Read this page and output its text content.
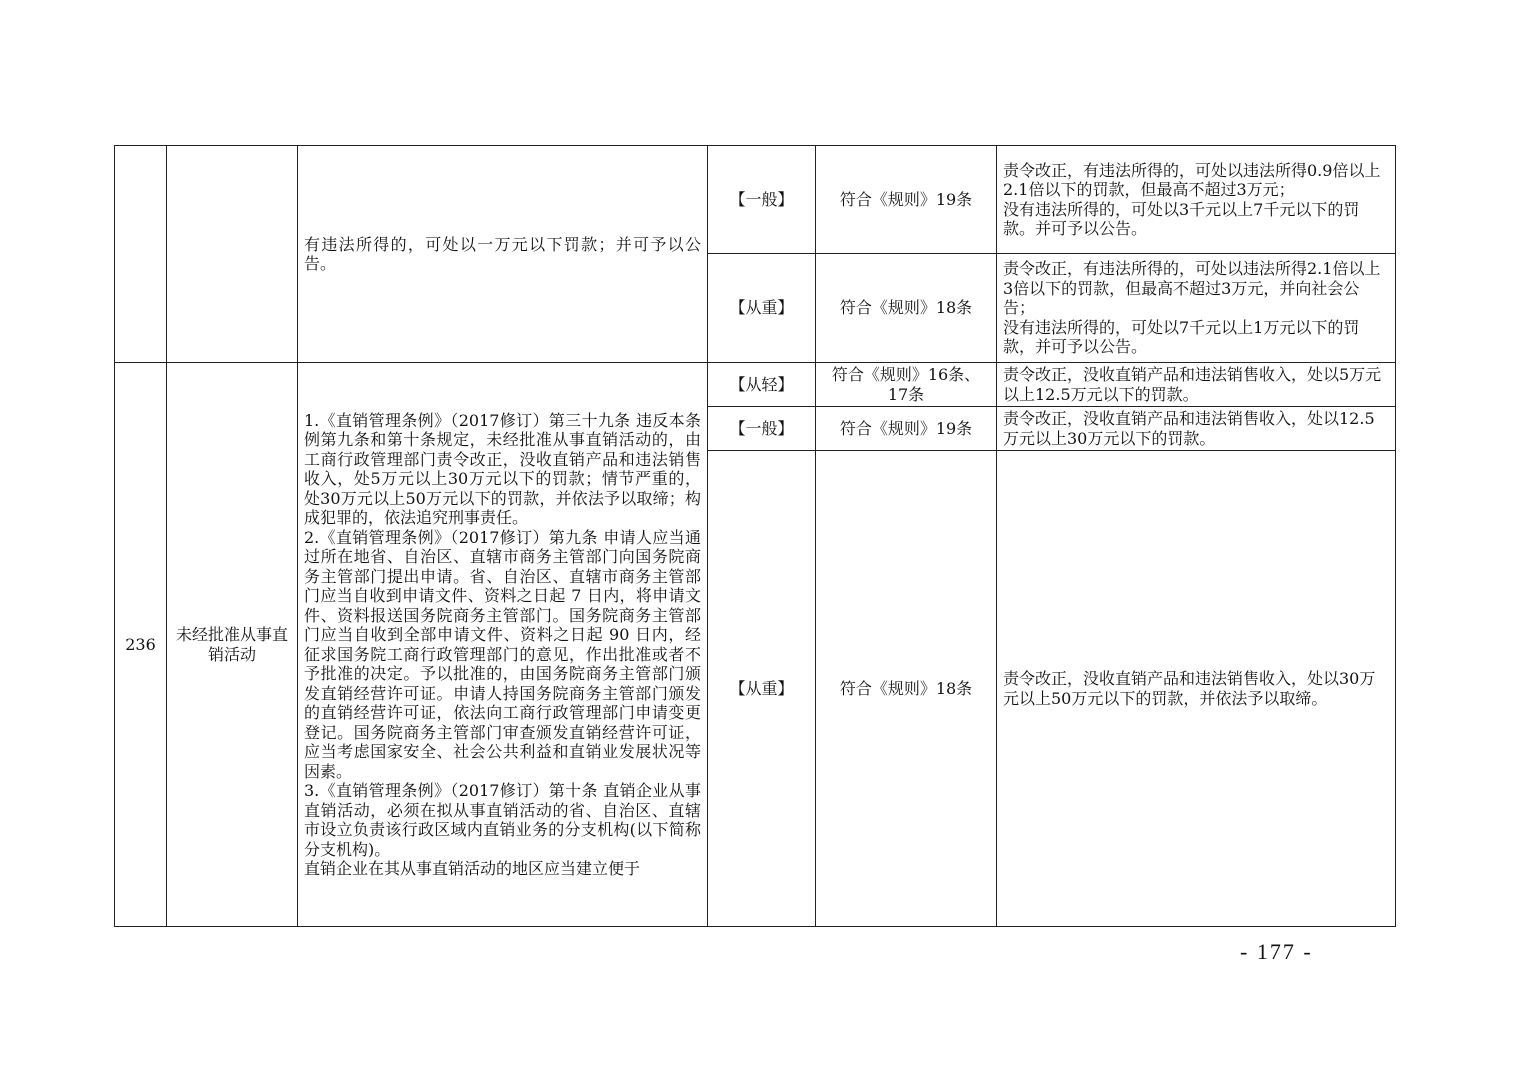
		有违法所得的，可处以一万元以下罚款；并可予以公告。	【一般】	符合《规则》19条	责令改正，有违法所得的，可处以违法所得0.9倍以上2.1倍以下的罚款，但最高不超过3万元；
没有违法所得的，可处以3千元以上7千元以下的罚款。并可予以公告。

			【从重】	符合《规则》18条	责令改正，有违法所得的，可处以违法所得2.1倍以上3倍以下的罚款，但最高不超过3万元，并向社会公告；
没有违法所得的，可处以7千元以上1万元以下的罚款，并可予以公告。

236	未经批准从事直销活动	1.《直销管理条例》（2017修订）第三十九条 违反本条例第九条和第十条规定，未经批准从事直销活动的，由工商行政管理部门责令改正，没收直销产品和违法销售收入，处5万元以上30万元以下的罚款；情节严重的，处30万元以上50万元以下的罚款，并依法予以取缔；构成犯罪的，依法追究刑事责任。
2.《直销管理条例》（2017修订）第九条 申请人应当通过所在地省、自治区、直辖市商务主管部门向国务院商务主管部门提出申请。省、自治区、直辖市商务主管部门应当自收到申请文件、资料之日起 7 日内，将申请文件、资料报送国务院商务主管部门。国务院商务主管部门应当自收到全部申请文件、资料之日起 90 日内，经征求国务院工商行政管理部门的意见，作出批准或者不予批准的决定。予以批准的，由国务院商务主管部门颁发直销经营许可证。申请人持国务院商务主管部门颁发的直销经营许可证，依法向工商行政管理部门申请变更登记。国务院商务主管部门审查颁发直销经营许可证，应当考虑国家安全、社会公共利益和直销业发展状况等因素。
3.《直销管理条例》（2017修订）第十条 直销企业从事直销活动，必须在拟从事直销活动的省、自治区、直辖市设立负责该行政区域内直销业务的分支机构(以下简称分支机构)。
直销企业在其从事直销活动的地区应当建立便于	【从轻】	符合《规则》16条、17条	责令改正，没收直销产品和违法销售收入，处以5万元以上12.5万元以下的罚款。
			【一般】	符合《规则》19条	责令改正，没收直销产品和违法销售收入，处以12.5万元以上30万元以下的罚款。
			【从重】	符合《规则》18条	责令改正，没收直销产品和违法销售收入，处以30万元以上50万元以下的罚款，并依法予以取缔。
- 177 -
